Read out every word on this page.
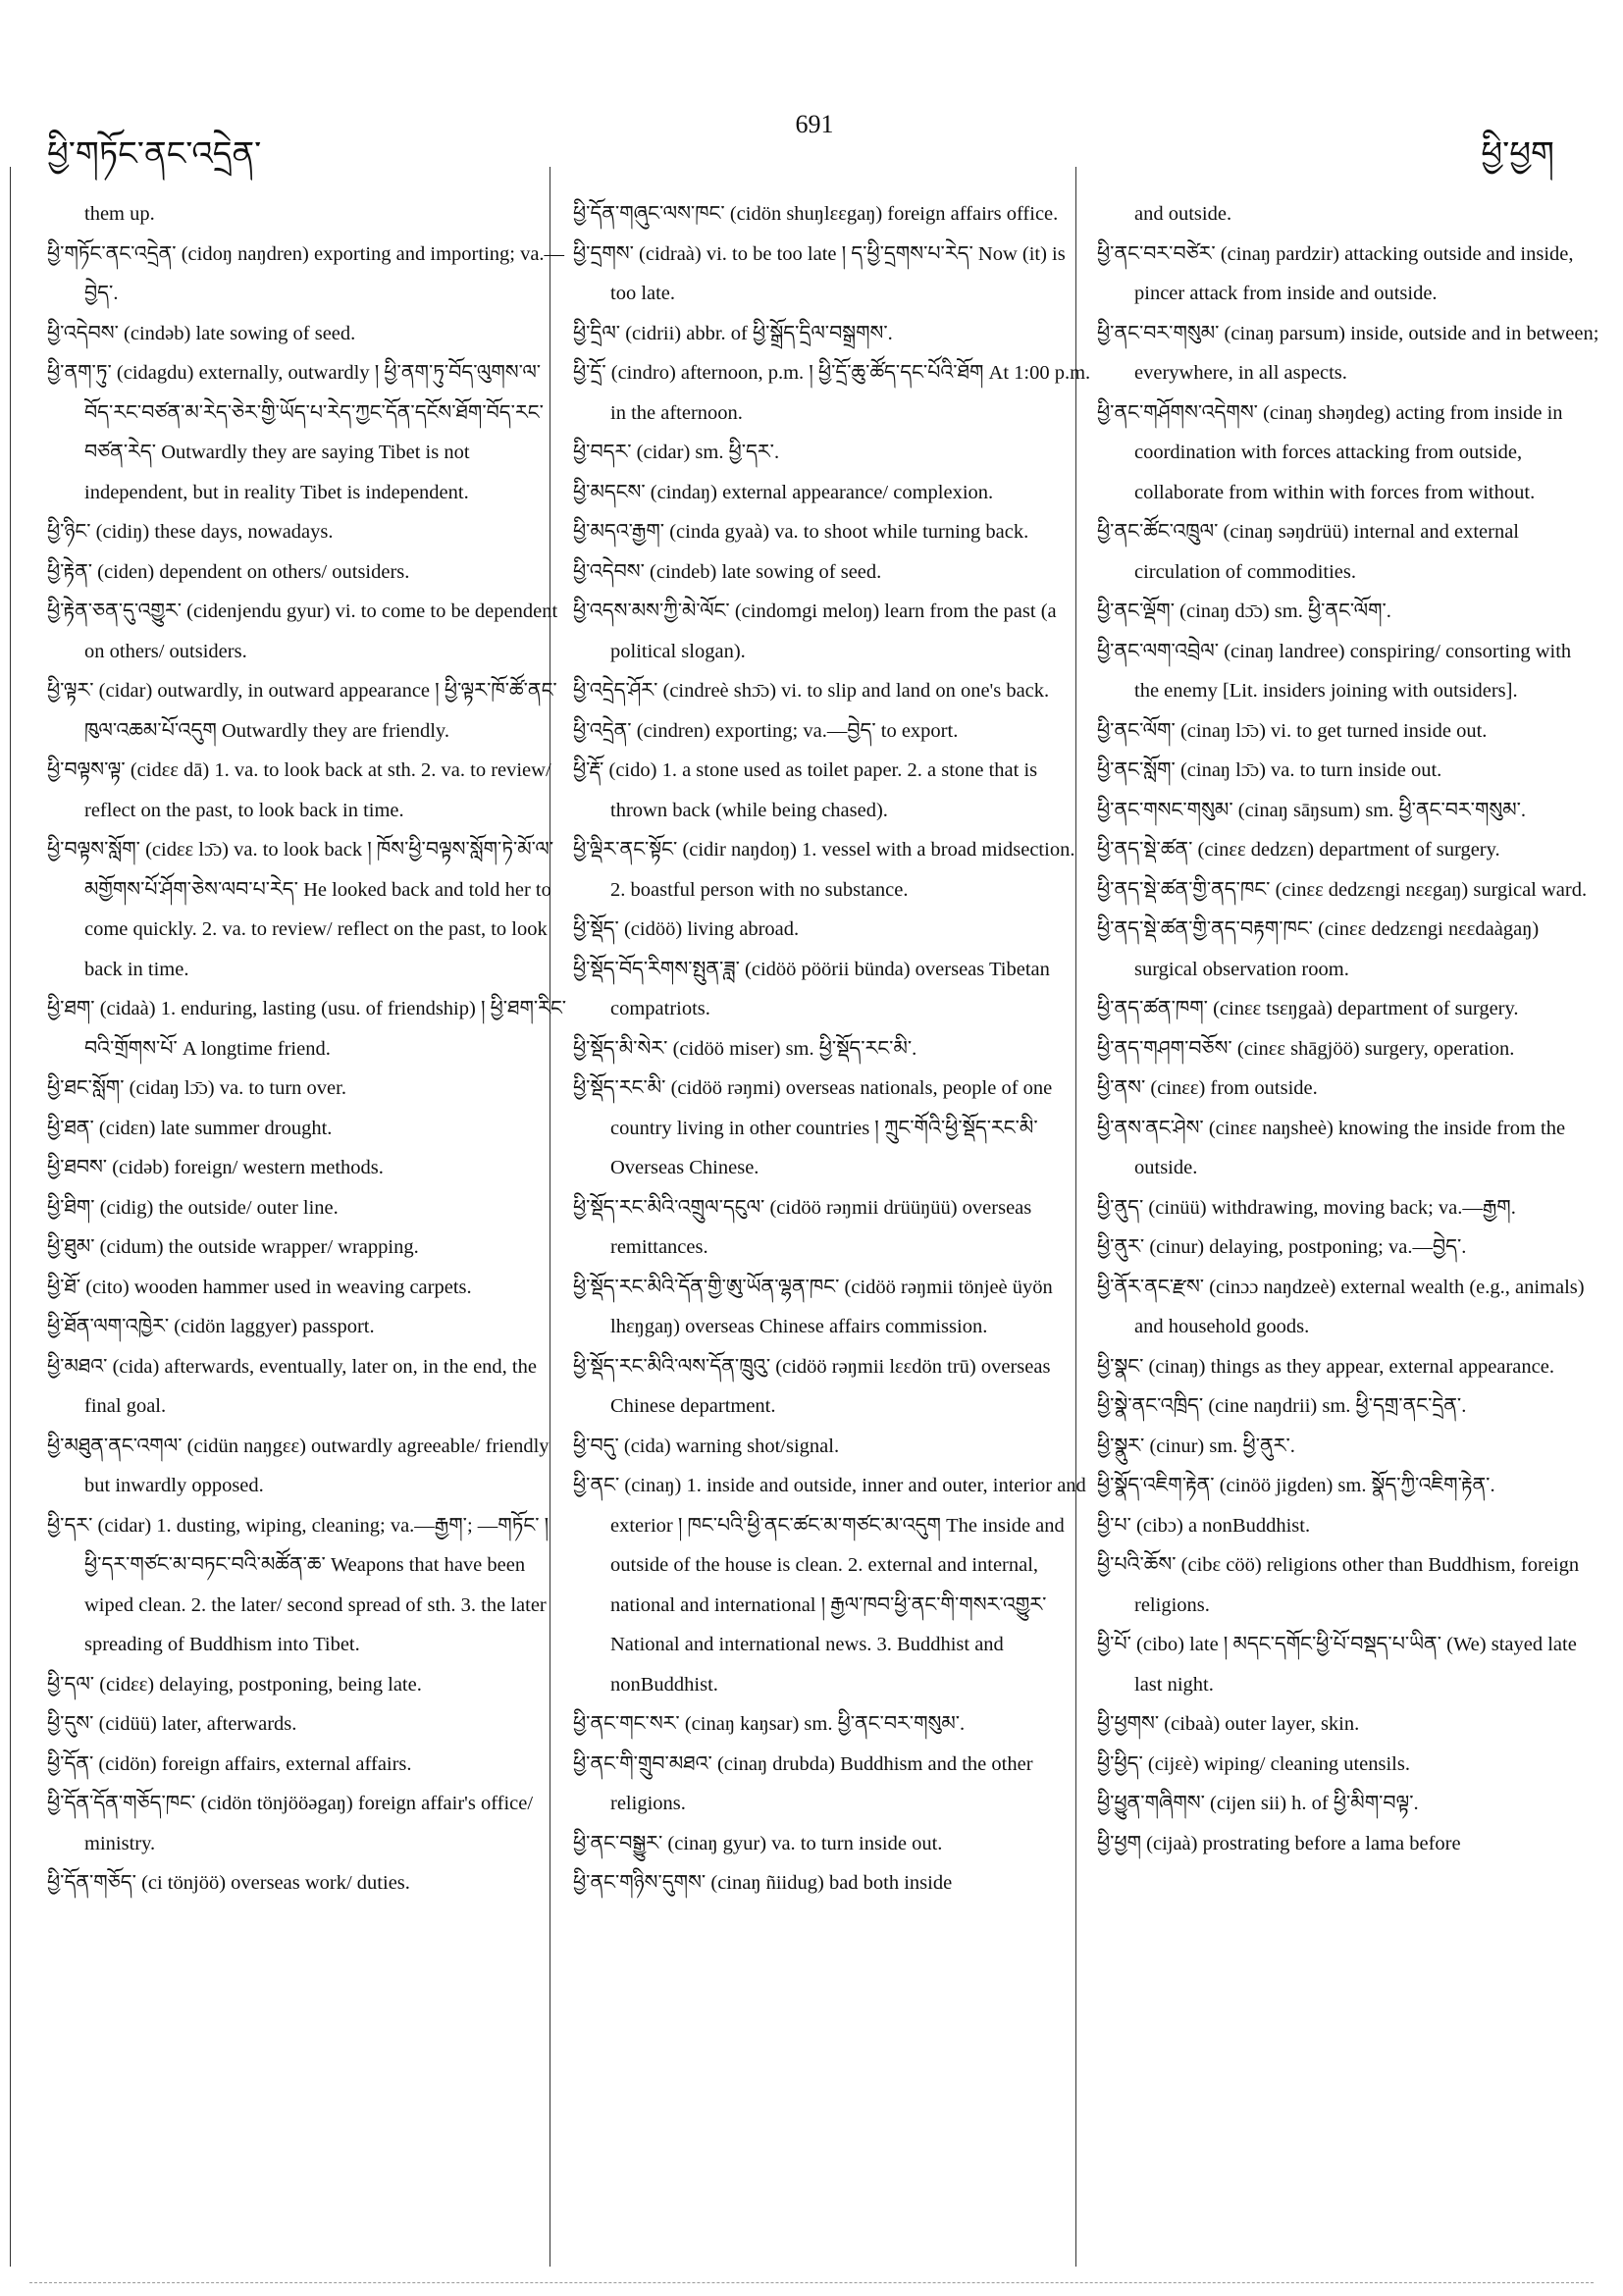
ཕྱི་གཏོང་ནང་འདྲེན་
691
ཕྱི་ཕྱག

them up.

ཕྱི་གཏོང་ནང་འདྲེན་ (cidoŋ naŋdren) exporting and importing; va.—བྱེད་.

ཕྱི་འདེབས་ (cindəb) late sowing of seed.

ཕྱི་ནག་ཏུ་ (cidagdu) externally, outwardly ། ཕྱི་ནག་ཏུ་བོད་ལུགས་ལ་བོད་རང་བཙན་མ་རེད་ཅེར་གྱི་ཡོད་པ་རེད་ཀྱང་དོན་དངོས་ཐོག་བོད་རང་བཙན་རེད་ Outwardly they are saying Tibet is not independent, but in reality Tibet is independent.

ཕྱི་ཉིང་ (cidiŋ) these days, nowadays.

ཕྱི་རྟེན་ (ciden) dependent on others/ outsiders.

ཕྱི་རྟེན་ཅན་དུ་འགྱུར་ (cidenjendu gyur) vi. to come to be dependent on others/ outsiders.

ཕྱི་ལྟར་ (cidar) outwardly, in outward appearance ། ཕྱི་ལྟར་ཁོ་ཚོ་ནང་ཁུལ་འཆམ་པོ་འདུག Outwardly they are friendly.

ཕྱི་བལྟས་ལྟ་ (cidεε dā) 1. va. to look back at sth. 2. va. to review/ reflect on the past, to look back in time.

ཕྱི་བལྟས་སློག་ (cidεε lɔ̄ɔ) va. to look back ། ཁོས་ཕྱི་བལྟས་སློག་ཏེ་མོ་ལ་མགྱོགས་པོ་ཤོག་ཅེས་ལབ་པ་རེད་ He looked back and told her to come quickly. 2. va. to review/ reflect on the past, to look back in time.

ཕྱི་ཐག་ (cidaà) 1. enduring, lasting (usu. of friendship) ། ཕྱི་ཐག་རིང་བའི་གྲོགས་པོ་ A longtime friend.

ཕྱི་ཐང་སློག་ (cidaŋ lɔ̄ɔ) va. to turn over.

ཕྱི་ཐན་ (cidεn) late summer drought.

ཕྱི་ཐབས་ (cidəb) foreign/ western methods.

ཕྱི་ཐིག་ (cidig) the outside/ outer line.

ཕྱི་ཐུམ་ (cidum) the outside wrapper/ wrapping.

ཕྱི་ཐོ་ (cito) wooden hammer used in weaving carpets.

ཕྱི་ཐོན་ལག་འཁྱེར་ (cidön laggyer) passport.

ཕྱི་མཐའ་ (cida) afterwards, eventually, later on, in the end, the final goal.

ཕྱི་མཐུན་ནང་འགལ་ (cidün naŋgεε) outwardly agreeable/ friendly but inwardly opposed.

ཕྱི་དར་ (cidar) 1. dusting, wiping, cleaning; va.—རྒྱག་; —གཏོང་ ། ཕྱི་དར་གཙང་མ་བཏང་བའི་མཚོན་ཆ་ Weapons that have been wiped clean. 2. the later/ second spread of sth. 3. the later spreading of Buddhism into Tibet.

ཕྱི་དལ་ (cidεε) delaying, postponing, being late.

ཕྱི་དུས་ (cidüü) later, afterwards.

ཕྱི་དོན་ (cidön) foreign affairs, external affairs.

ཕྱི་དོན་དོན་གཅོད་ཁང་ (cidön tönjööəgaŋ) foreign affair's office/ ministry.

ཕྱི་དོན་གཅོད་ (ci tönjöö) overseas work/ duties.

ཕྱི་དོན་གཞུང་ལས་ཁང་ (cidön shuŋlεεgaŋ) foreign affairs office.

ཕྱི་དྲགས་ (cidraà) vi. to be too late ། ད་ཕྱི་དྲགས་པ་རེད་ Now (it) is too late.

ཕྱི་དྲིལ་ (cidrii) abbr. of ཕྱི་སྒྲོད་དྲིལ་བསྒྲགས་.

ཕྱི་དྲོ་ (cindro) afternoon, p.m. ། ཕྱི་དྲོ་ཆུ་ཚོད་དང་པོའི་ཐོག At 1:00 p.m. in the afternoon.

ཕྱི་བདར་ (cidar) sm. ཕྱི་དར་.

ཕྱི་མདངས་ (cindaŋ) external appearance/ complexion.

ཕྱི་མདའ་རྒྱག་ (cinda gyaà) va. to shoot while turning back.

ཕྱི་འདེབས་ (cindeb) late sowing of seed.

ཕྱི་འདས་མས་ཀྱི་མེ་ལོང་ (cindomgi meloŋ) learn from the past (a political slogan).

ཕྱི་འདྲེད་ཤོར་ (cindreè shɔ̄ɔ) vi. to slip and land on one's back.

ཕྱི་འདྲེན་ (cindren) exporting; va.—བྱེད་ to export.

ཕྱི་རྡོ་ (cido) 1. a stone used as toilet paper. 2. a stone that is thrown back (while being chased).

ཕྱི་ལྡིར་ནང་སྟོང་ (cidir naŋdoŋ) 1. vessel with a broad midsection. 2. boastful person with no substance.

ཕྱི་སྡོད་ (cidöö) living abroad.

ཕྱི་སྡོད་བོད་རིགས་སྤུན་ཟླ་ (cidöö pöörii bünda) overseas Tibetan compatriots.

ཕྱི་སྡོད་མི་སེར་ (cidöö miser) sm. ཕྱི་སྡོད་རང་མི་.

ཕྱི་སྡོད་རང་མི་ (cidöö rəŋmi) overseas nationals, people of one country living in other countries ། ཀྲུང་གོའི་ཕྱི་སྡོད་རང་མི་ Overseas Chinese.

ཕྱི་སྡོད་རང་མིའི་འགྲུལ་དངུལ་ (cidöö rəŋmii drüüŋüü) overseas remittances.

ཕྱི་སྡོད་རང་མིའི་དོན་གྱི་ཨུ་ཡོན་ལྷན་ཁང་ (cidöö rəŋmii tönjeè üyön lhεŋgaŋ) overseas Chinese affairs commission.

ཕྱི་སྡོད་རང་མིའི་ལས་དོན་ཁྲུའུ་ (cidöö rəŋmii lεεdön trū) overseas Chinese department.

ཕྱི་བདུ་ (cida) warning shot/signal.

ཕྱི་ནང་ (cinaŋ) 1. inside and outside, inner and outer, interior and exterior ། ཁང་པའི་ཕྱི་ནང་ཚང་མ་གཙང་མ་འདུག The inside and outside of the house is clean. 2. external and internal, national and international ། རྒྱལ་ཁབ་ཕྱི་ནང་གི་གསར་འགྱུར་ National and international news. 3. Buddhist and nonBuddhist.

ཕྱི་ནང་གང་སར་ (cinaŋ kaŋsar) sm. ཕྱི་ནང་བར་གསུམ་.

ཕྱི་ནང་གི་གྲུབ་མཐའ་ (cinaŋ drubda) Buddhism and the other religions.

ཕྱི་ནང་བསྒྱུར་ (cinaŋ gyur) va. to turn inside out.

ཕྱི་ནང་གཉིས་དུགས་ (cinaŋ ñiidug) bad both inside

and outside.

ཕྱི་ནང་བར་བཙེར་ (cinaŋ pardzir) attacking outside and inside, pincer attack from inside and outside.

ཕྱི་ནང་བར་གསུམ་ (cinaŋ parsum) inside, outside and in between; everywhere, in all aspects.

ཕྱི་ནང་གཤོགས་འདེགས་ (cinaŋ shəŋdeg) acting from inside in coordination with forces attacking from outside, collaborate from within with forces from without.

ཕྱི་ནང་ཚོང་འཁྲུལ་ (cinaŋ səŋdrüü) internal and external circulation of commodities.

ཕྱི་ནང་ལྡོག་ (cinaŋ dɔ̄ɔ) sm. ཕྱི་ནང་ལོག་.

ཕྱི་ནང་ལག་འབྲེལ་ (cinaŋ landree) conspiring/ consorting with the enemy [Lit. insiders joining with outsiders].

ཕྱི་ནང་ལོག་ (cinaŋ lɔ̄ɔ) vi. to get turned inside out.

ཕྱི་ནང་སློག་ (cinaŋ lɔ̄ɔ) va. to turn inside out.

ཕྱི་ནང་གསང་གསུམ་ (cinaŋ sāŋsum) sm. ཕྱི་ནང་བར་གསུམ་.

ཕྱི་ནད་སྡེ་ཚན་ (cinεε dedzεn) department of surgery.

ཕྱི་ནད་སྡེ་ཚན་གྱི་ནད་ཁང་ (cinεε dedzεngi nεεgaŋ) surgical ward.

ཕྱི་ནད་སྡེ་ཚན་གྱི་ནད་བརྟག་ཁང་ (cinεε dedzεngi nεεdaàgaŋ) surgical observation room.

ཕྱི་ནད་ཚན་ཁག་ (cinεε tsεŋgaà) department of surgery.

ཕྱི་ནད་གཤག་བཅོས་ (cinεε shāgjöö) surgery, operation.

ཕྱི་ནས་ (cinεε) from outside.

ཕྱི་ནས་ནང་ཤེས་ (cinεε naŋsheè) knowing the inside from the outside.

ཕྱི་ནུད་ (cinüü) withdrawing, moving back; va.—རྒྱག.

ཕྱི་ནུར་ (cinur) delaying, postponing; va.—བྱེད་.

ཕྱི་ནོར་ནང་རྫས་ (cinɔɔ naŋdzeè) external wealth (e.g., animals) and household goods.

ཕྱི་སྣང་ (cinaŋ) things as they appear, external appearance.

ཕྱི་སྣེ་ནང་འཁྲིད་ (cine naŋdrii) sm. ཕྱི་དགྲ་ནང་དྲེན་.

ཕྱི་སྣུར་ (cinur) sm. ཕྱི་ནུར་.

ཕྱི་སྣོད་འཇིག་རྟེན་ (cinöö jigden) sm. སྣོད་ཀྱི་འཇིག་རྟེན་.

ཕྱི་པ་ (cibɔ) a nonBuddhist.

ཕྱི་པའི་ཆོས་ (cibε cöö) religions other than Buddhism, foreign religions.

ཕྱི་པོ་ (cibo) late ། མདང་དགོང་ཕྱི་པོ་བསྡད་པ་ཡིན་ (We) stayed late last night.

ཕྱི་ཕྱགས་ (cibaà) outer layer, skin.

ཕྱི་ཕྱིད་ (cijεè) wiping/ cleaning utensils.

ཕྱི་ཕྱུན་གཞིགས་ (cijen sii) h. of ཕྱི་མིག་བལྟ་.

ཕྱི་ཕྱག (cijaà) prostrating before a lama before
